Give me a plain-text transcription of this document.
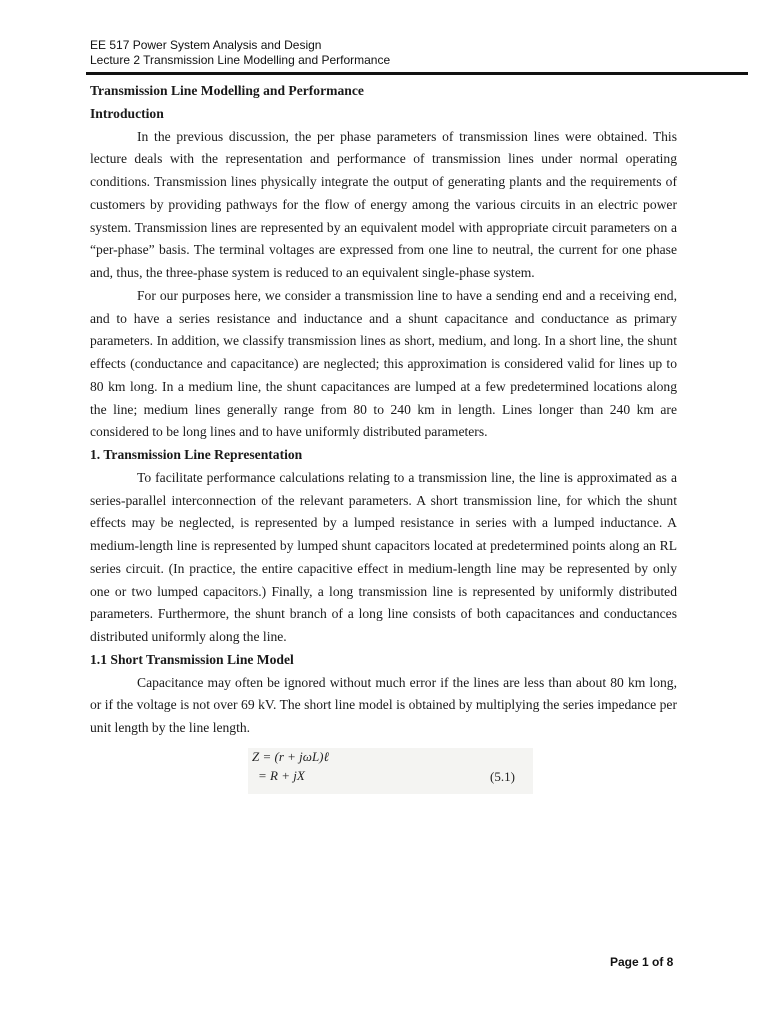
EE 517 Power System Analysis and Design
Lecture 2 Transmission Line Modelling and Performance

Transmission Line Modelling and Performance

Introduction

In the previous discussion, the per phase parameters of transmission lines were obtained. This lecture deals with the representation and performance of transmission lines under normal operating conditions. Transmission lines physically integrate the output of generating plants and the requirements of customers by providing pathways for the flow of energy among the various circuits in an electric power system. Transmission lines are represented by an equivalent model with appropriate circuit parameters on a “per-phase” basis. The terminal voltages are expressed from one line to neutral, the current for one phase and, thus, the three-phase system is reduced to an equivalent single-phase system.

For our purposes here, we consider a transmission line to have a sending end and a receiving end, and to have a series resistance and inductance and a shunt capacitance and conductance as primary parameters. In addition, we classify transmission lines as short, medium, and long. In a short line, the shunt effects (conductance and capacitance) are neglected; this approximation is considered valid for lines up to 80 km long. In a medium line, the shunt capacitances are lumped at a few predetermined locations along the line; medium lines generally range from 80 to 240 km in length. Lines longer than 240 km are considered to be long lines and to have uniformly distributed parameters.

1. Transmission Line Representation

To facilitate performance calculations relating to a transmission line, the line is approximated as a series-parallel interconnection of the relevant parameters. A short transmission line, for which the shunt effects may be neglected, is represented by a lumped resistance in series with a lumped inductance. A medium-length line is represented by lumped shunt capacitors located at predetermined points along an RL series circuit. (In practice, the entire capacitive effect in medium-length line may be represented by only one or two lumped capacitors.) Finally, a long transmission line is represented by uniformly distributed parameters. Furthermore, the shunt branch of a long line consists of both capacitances and conductances distributed uniformly along the line.

1.1 Short Transmission Line Model

Capacitance may often be ignored without much error if the lines are less than about 80 km long, or if the voltage is not over 69 kV. The short line model is obtained by multiplying the series impedance per unit length by the line length.

Z = (r + jωL)ℓ
= R + jX	(5.1)
Page 1 of 8
